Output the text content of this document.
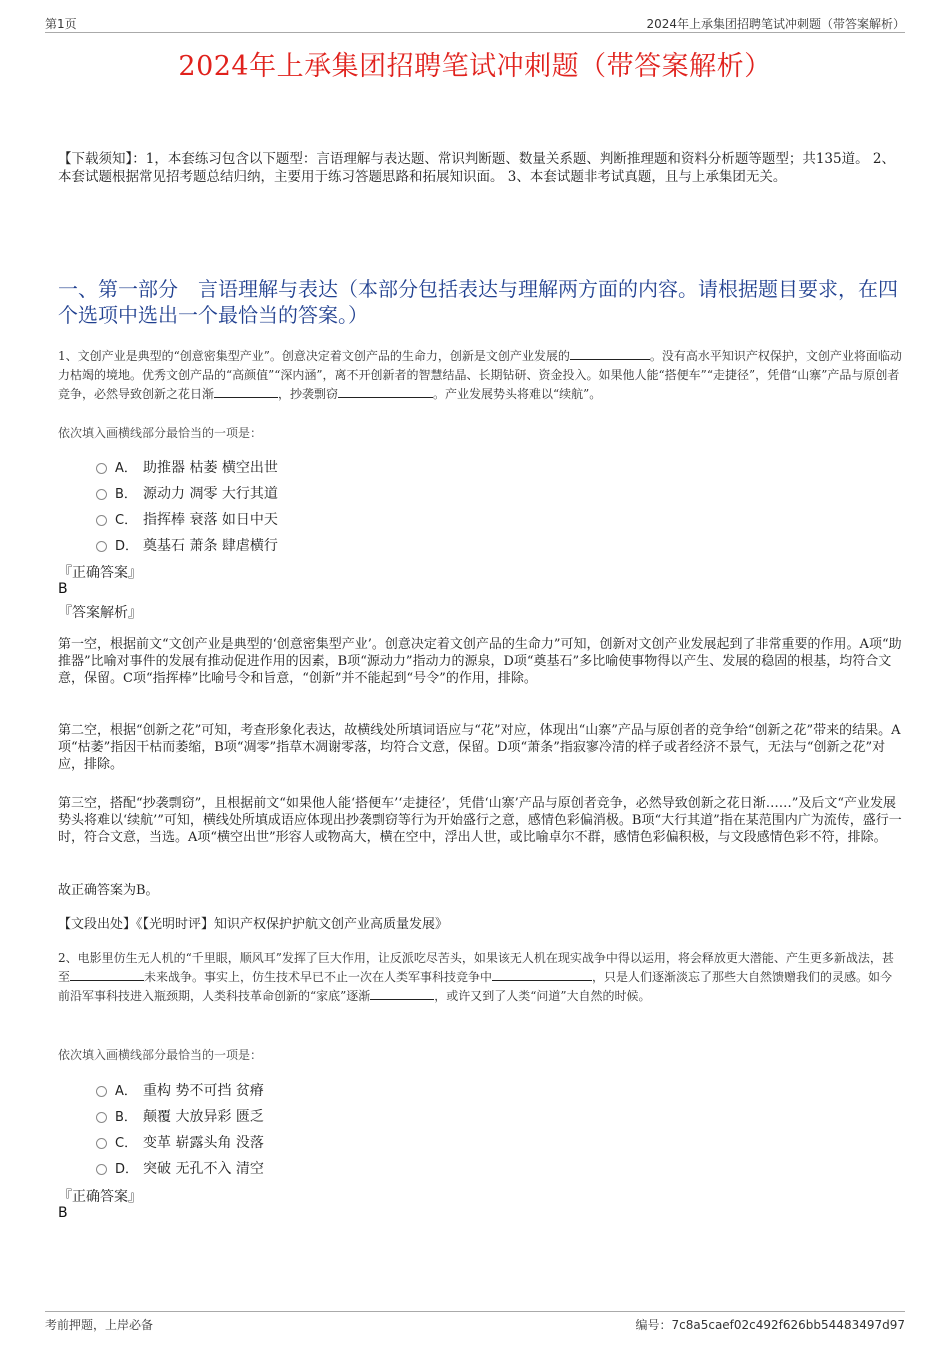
第1页	2024年上承集团招聘笔试冲刺题（带答案解析）
2024年上承集团招聘笔试冲刺题（带答案解析）
【下载须知】：1，本套练习包含以下题型：言语理解与表达题、常识判断题、数量关系题、判断推理题和资料分析题等题型；共135道。 2、本套试题根据常见招考题总结归纳，主要用于练习答题思路和拓展知识面。 3、本套试题非考试真题，且与上承集团无关。
一、第一部分　言语理解与表达（本部分包括表达与理解两方面的内容。请根据题目要求，在四个选项中选出一个最恰当的答案。）
1、文创产业是典型的“创意密集型产业”。创意决定着文创产品的生命力，创新是文创产业发展的	。没有高水平知识产权保护，文创产业将面临动力枯竭的境地。优秀文创产品的“高颜值”“深内涵”，离不开创新者的智慧结晶、长期钻研、资金投入。如果他人能“搭便车”“走捷径”，凭借“山寨”产品与原创者竞争，必然导致创新之花日渐	，抄袭剽窃	。产业发展势头将难以“续航”。
依次填入画横线部分最恰当的一项是：
A． 助推器 枯萎 横空出世
B． 源动力 凋零 大行其道
C． 指挥棒 衰落 如日中天
D． 奠基石 萧条 肆虐横行
『正确答案』
B
『答案解析』
第一空，根据前文“文创产业是典型的‘创意密集型产业’。创意决定着文创产品的生命力”可知，创新对文创产业发展起到了非常重要的作用。A项“助推器”比喻对事件的发展有推动促进作用的因素，B项“源动力”指动力的源泉，D项“奠基石”多比喻使事物得以产生、发展的稳固的根基，均符合文意，保留。C项“指挥棒”比喻号令和旨意，“创新”并不能起到“号令”的作用，排除。
第二空，根据“创新之花”可知，考查形象化表达，故横线处所填词语应与“花”对应，体现出“山寨”产品与原创者的竞争给“创新之花”带来的结果。A项“枯萎”指因干枯而萎缩，B项“凋零”指草木凋谢零落，均符合文意，保留。D项“萧条”指寂寥冷清的样子或者经济不景气，无法与“创新之花”对应，排除。
第三空，搭配“抄袭剽窃”，且根据前文“如果他人能‘搭便车’‘走捷径’，凭借‘山寨’产品与原创者竞争，必然导致创新之花日渐……”及后文“产业发展势头将难以‘续航’”可知，横线处所填成语应体现出抄袭剽窃等行为开始盛行之意，感情色彩偏消极。B项“大行其道”指在某范围内广为流传，盛行一时，符合文意，当选。A项“横空出世”形容人或物高大，横在空中，浮出人世，或比喻卓尔不群，感情色彩偏积极，与文段感情色彩不符，排除。
故正确答案为B。
【文段出处】《【光明时评】知识产权保护护航文创产业高质量发展》
2、电影里仿生无人机的“千里眼，顺风耳”发挥了巨大作用，让反派吃尽苦头，如果该无人机在现实战争中得以运用，将会释放更大潜能、产生更多新战法，甚至	未来战争。事实上，仿生技术早已不止一次在人类军事科技竞争中	，只是人们逐渐淡忘了那些大自然馈赠我们的灵感。如今前沿军事科技进入瓶颈期，人类科技革命创新的“家底”逐渐	，或许又到了人类“问道”大自然的时候。
依次填入画横线部分最恰当的一项是：
A． 重构 势不可挡 贫瘠
B． 颠覆 大放异彩 匮乏
C． 变革 崭露头角 没落
D． 突破 无孔不入 清空
『正确答案』
B
考前押题，上岸必备	编号：7c8a5caef02c492f626bb54483497d97
